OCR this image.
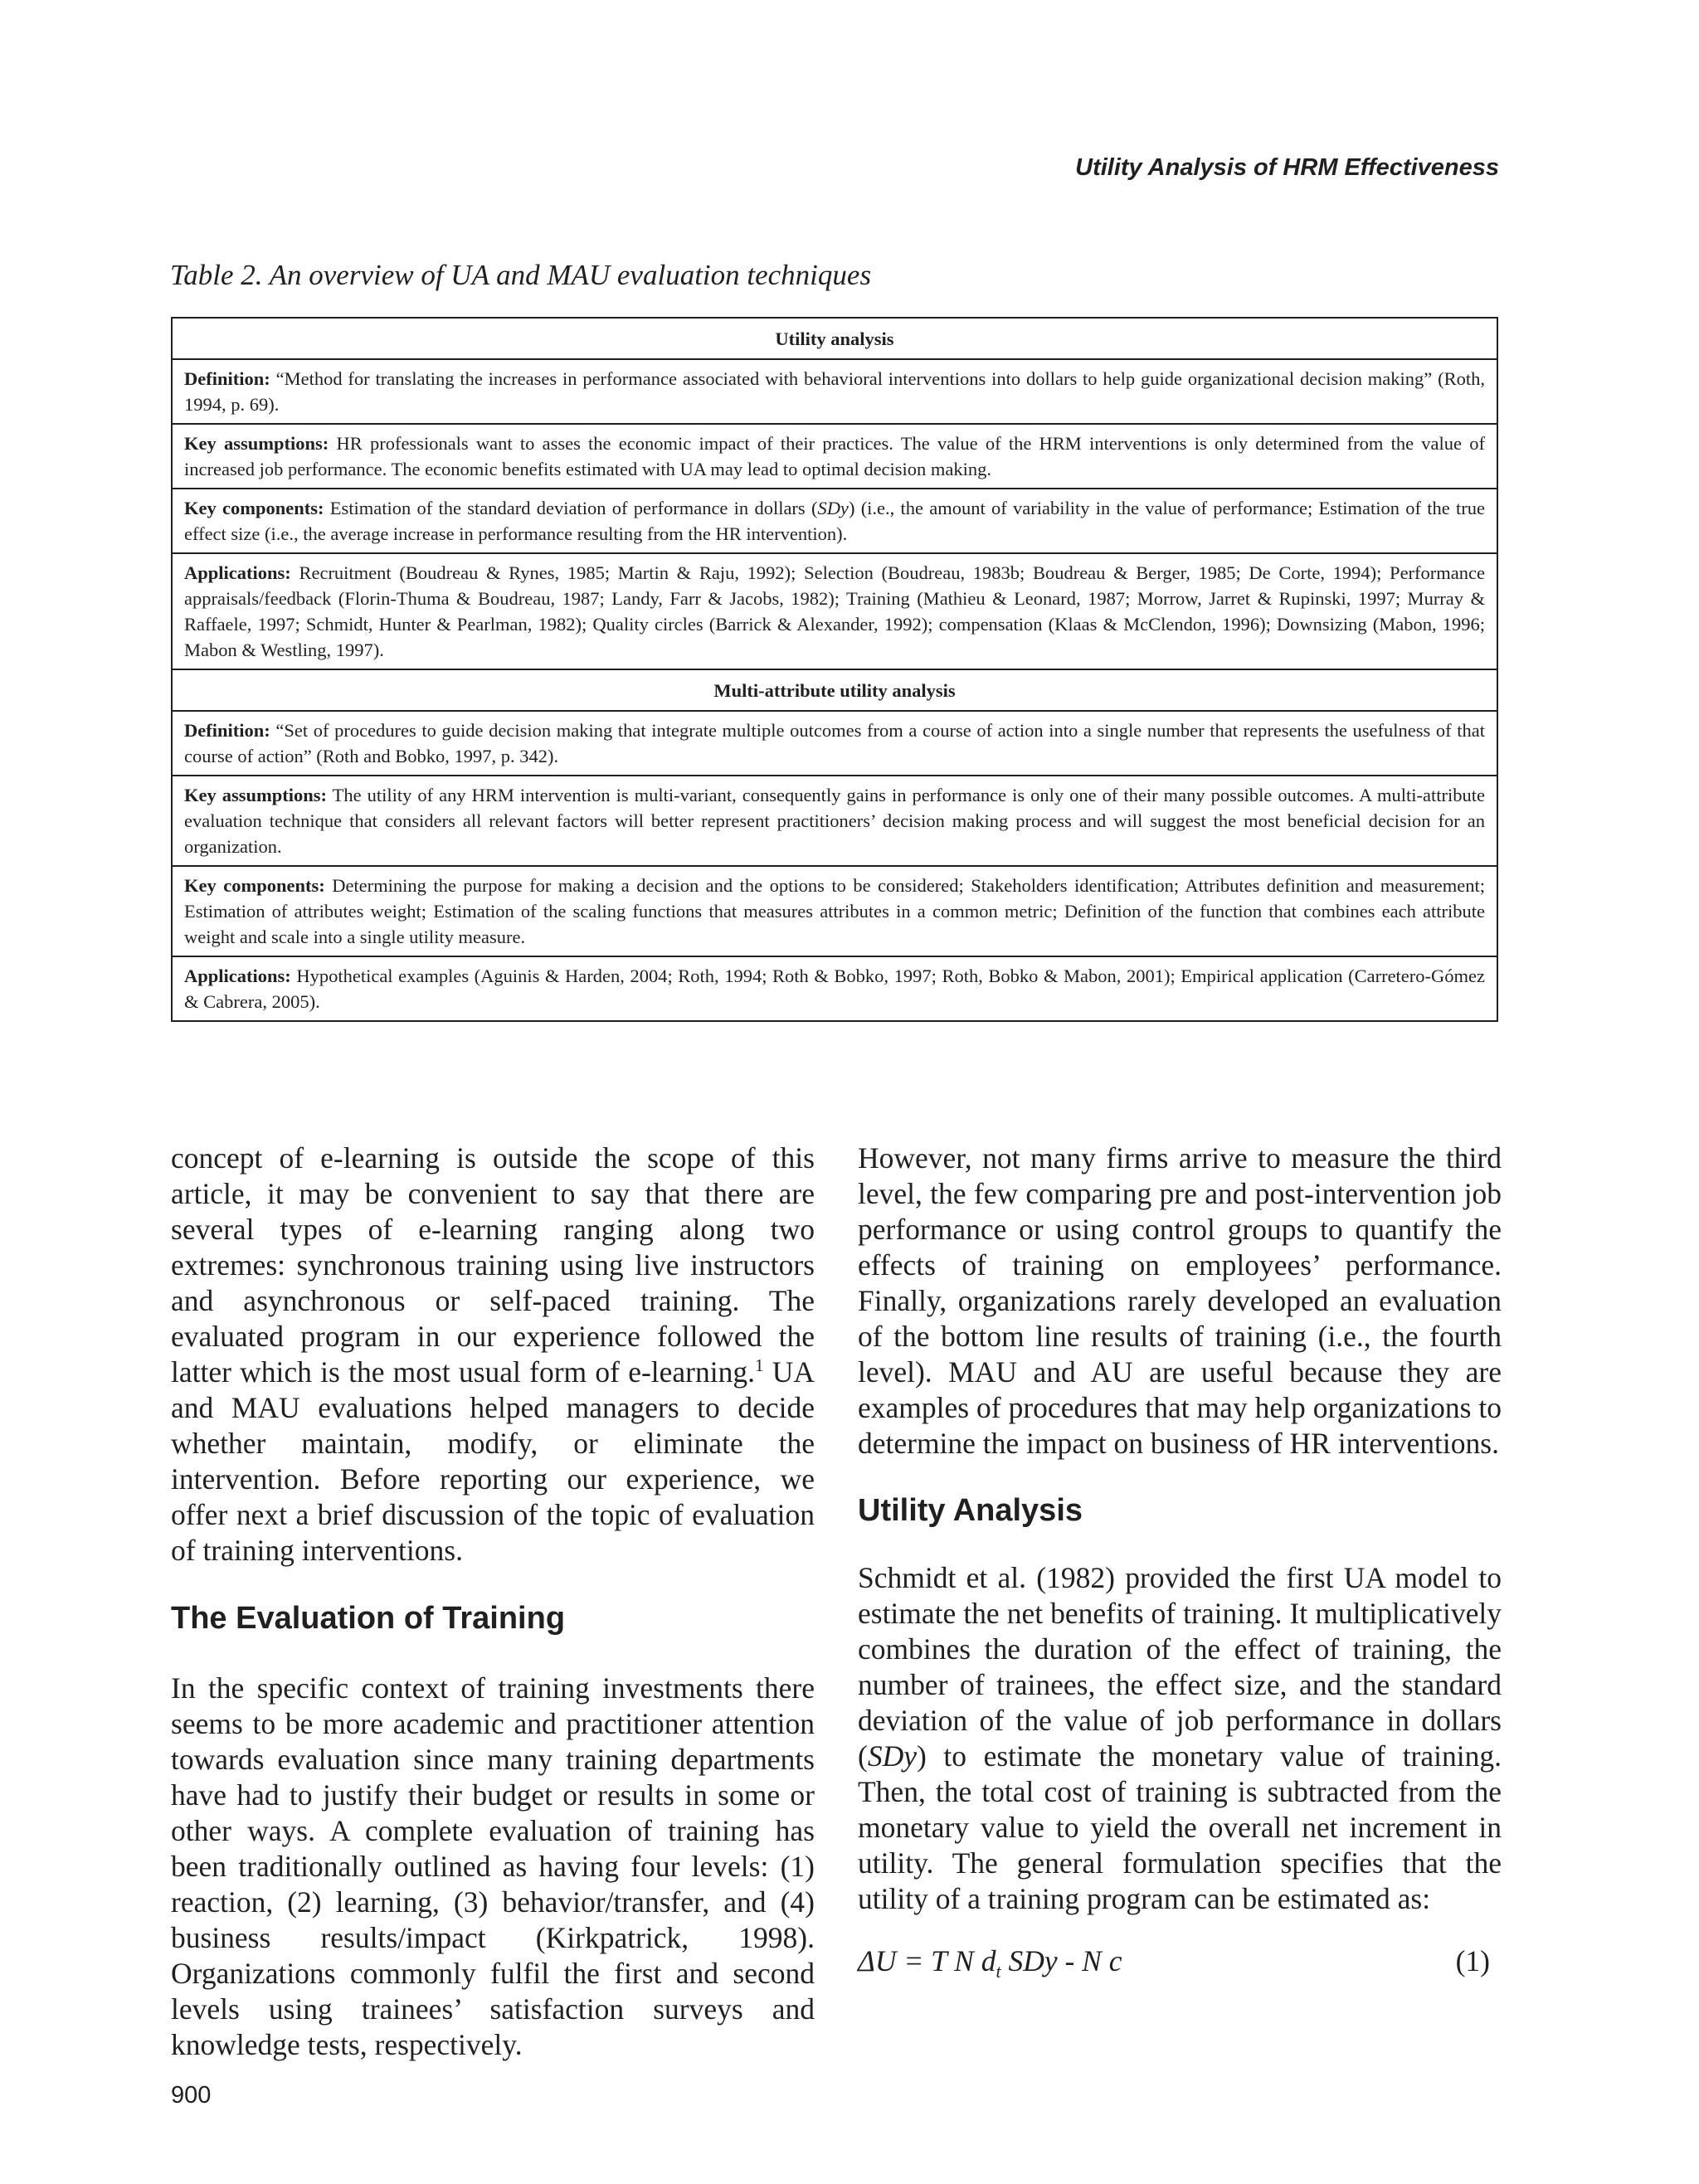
Utility Analysis of HRM Effectiveness
Table 2. An overview of UA and MAU evaluation techniques
Utility analysis
Definition: “Method for translating the increases in performance associated with behavioral interventions into dollars to help guide organizational decision making” (Roth, 1994, p. 69).
Key assumptions: HR professionals want to asses the economic impact of their practices. The value of the HRM interventions is only determined from the value of increased job performance. The economic benefits estimated with UA may lead to optimal decision making.
Key components: Estimation of the standard deviation of performance in dollars (SDy) (i.e., the amount of variability in the value of performance; Estimation of the true effect size (i.e., the average increase in performance resulting from the HR intervention).
Applications: Recruitment (Boudreau & Rynes, 1985; Martin & Raju, 1992); Selection (Boudreau, 1983b; Boudreau & Berger, 1985; De Corte, 1994); Performance appraisals/feedback (Florin-Thuma & Boudreau, 1987; Landy, Farr & Jacobs, 1982); Training (Mathieu & Leonard, 1987; Morrow, Jarret & Rupinski, 1997; Murray & Raffaele, 1997; Schmidt, Hunter & Pearlman, 1982); Quality circles (Barrick & Alexander, 1992); compensation (Klaas & McClendon, 1996); Downsizing (Mabon, 1996; Mabon & Westling, 1997).
Multi-attribute utility analysis
Definition: “Set of procedures to guide decision making that integrate multiple outcomes from a course of action into a single number that represents the usefulness of that course of action” (Roth and Bobko, 1997, p. 342).
Key assumptions: The utility of any HRM intervention is multi-variant, consequently gains in performance is only one of their many possible outcomes. A multi-attribute evaluation technique that considers all relevant factors will better represent practitioners’ decision making process and will suggest the most beneficial decision for an organization.
Key components: Determining the purpose for making a decision and the options to be considered; Stakeholders identification; Attributes definition and measurement; Estimation of attributes weight; Estimation of the scaling functions that measures attributes in a common metric; Definition of the function that combines each attribute weight and scale into a single utility measure.
Applications: Hypothetical examples (Aguinis & Harden, 2004; Roth, 1994; Roth & Bobko, 1997; Roth, Bobko & Mabon, 2001); Empirical application (Carretero-Gómez & Cabrera, 2005).

concept of e-learning is outside the scope of this article, it may be convenient to say that there are several types of e-learning ranging along two extremes: synchronous training using live instructors and asynchronous or self-paced training. The evaluated program in our experience followed the latter which is the most usual form of e-learning.$^1$ UA and MAU evaluations helped managers to decide whether maintain, modify, or eliminate the intervention. Before reporting our experience, we offer next a brief discussion of the topic of evaluation of training interventions.

The Evaluation of Training

In the specific context of training investments there seems to be more academic and practitioner attention towards evaluation since many training departments have had to justify their budget or results in some or other ways. A complete evaluation of training has been traditionally outlined as having four levels: (1) reaction, (2) learning, (3) behavior/transfer, and (4) business results/impact (Kirkpatrick, 1998). Organizations commonly fulfil the first and second levels using trainees’ satisfaction surveys and knowledge tests, respectively.

However, not many firms arrive to measure the third level, the few comparing pre and post-intervention job performance or using control groups to quantify the effects of training on employees’ performance. Finally, organizations rarely developed an evaluation of the bottom line results of training (i.e., the fourth level). MAU and AU are useful because they are examples of procedures that may help organizations to determine the impact on business of HR interventions.

Utility Analysis

Schmidt et al. (1982) provided the first UA model to estimate the net benefits of training. It multiplicatively combines the duration of the effect of training, the number of trainees, the effect size, and the standard deviation of the value of job performance in dollars (SDy) to estimate the monetary value of training. Then, the total cost of training is subtracted from the monetary value to yield the overall net increment in utility. The general formulation specifies that the utility of a training program can be estimated as:

ΔU = T N $d_t$ SDy - N c	(1)
900
